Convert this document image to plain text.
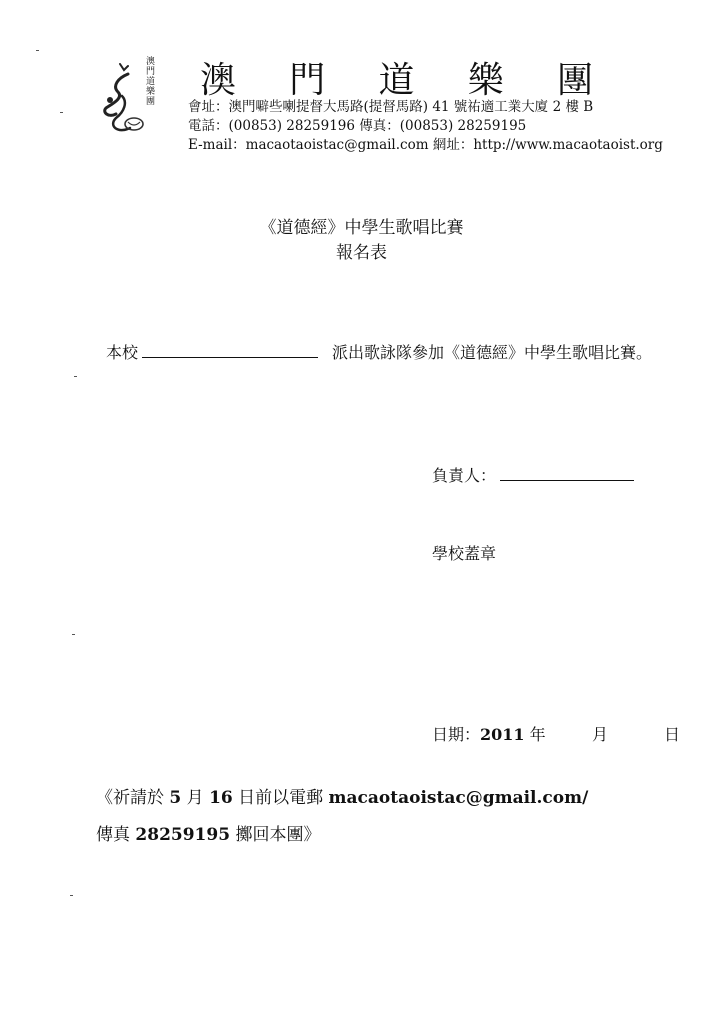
澳門道樂團 澳 門 道 樂 團
會址：澳門噼些喇提督大馬路(提督馬路) 41 號祐適工業大廈 2 樓 B
電話：(00853) 28259196 傳真：(00853) 28259195
E-mail：macaotaoistac@gmail.com 網址：http://www.macaotaoist.org
《道德經》中學生歌唱比賽
報名表
本校	派出歌詠隊參加《道德經》中學生歌唱比賽。
負責人：
學校蓋章
日期：2011 年	月	日
《祈請於 5 月 16 日前以電郵 macaotaoistac@gmail.com/
傳真 28259195 擲回本團》
